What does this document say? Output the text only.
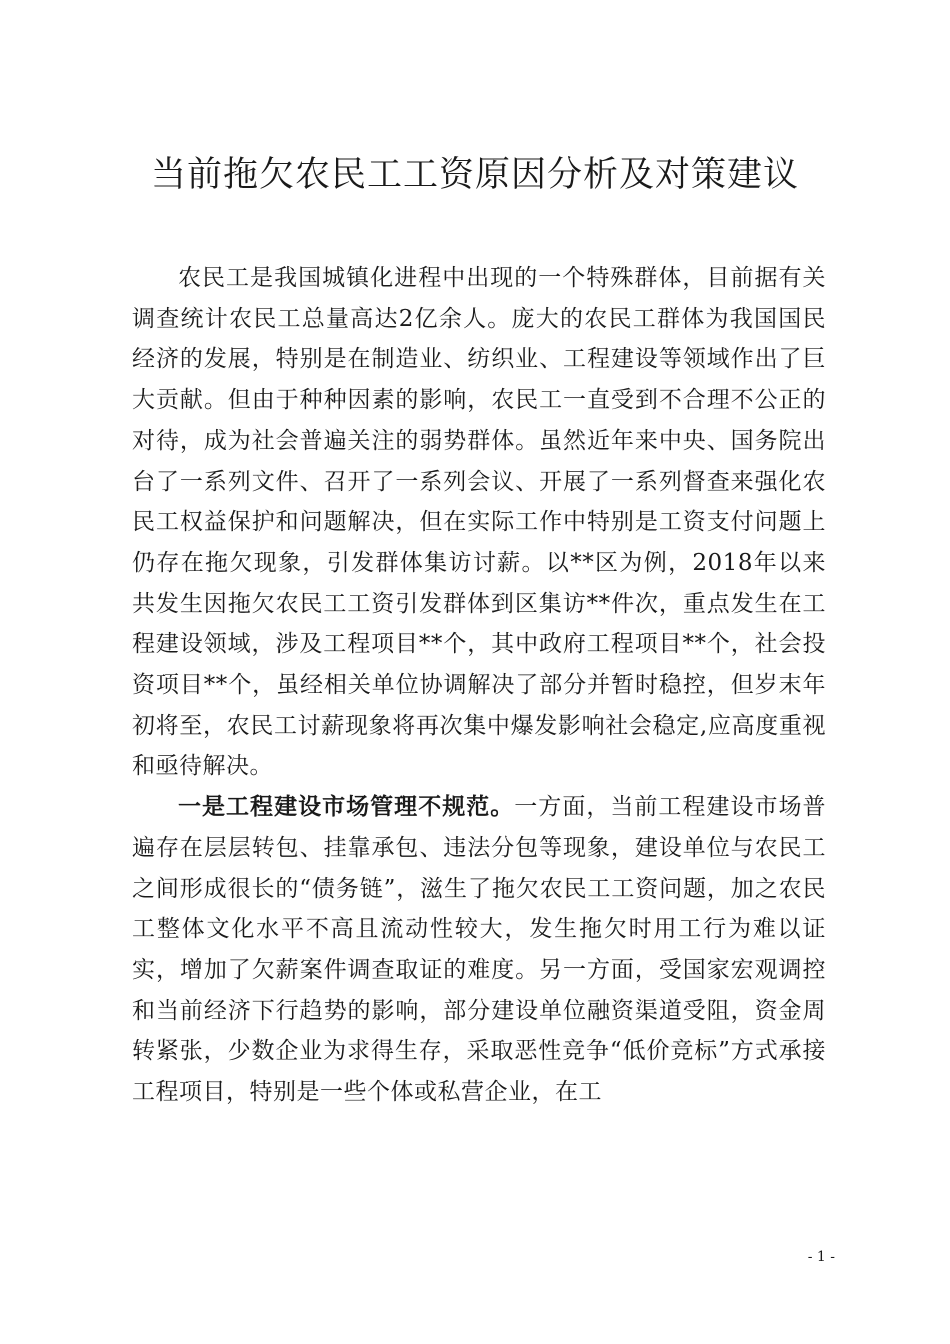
当前拖欠农民工工资原因分析及对策建议

农民工是我国城镇化进程中出现的一个特殊群体，目前据有关调查统计农民工总量高达2亿余人。庞大的农民工群体为我国国民经济的发展，特别是在制造业、纺织业、工程建设等领域作出了巨大贡献。但由于种种因素的影响，农民工一直受到不合理不公正的对待，成为社会普遍关注的弱势群体。虽然近年来中央、国务院出台了一系列文件、召开了一系列会议、开展了一系列督查来强化农民工权益保护和问题解决，但在实际工作中特别是工资支付问题上仍存在拖欠现象，引发群体集访讨薪。以**区为例，2018年以来共发生因拖欠农民工工资引发群体到区集访**件次，重点发生在工程建设领域，涉及工程项目**个，其中政府工程项目**个，社会投资项目**个，虽经相关单位协调解决了部分并暂时稳控，但岁末年初将至，农民工讨薪现象将再次集中爆发影响社会稳定,应高度重视和亟待解决。

一是工程建设市场管理不规范。一方面，当前工程建设市场普遍存在层层转包、挂靠承包、违法分包等现象，建设单位与农民工之间形成很长的“债务链”，滋生了拖欠农民工工资问题，加之农民工整体文化水平不高且流动性较大，发生拖欠时用工行为难以证实，增加了欠薪案件调查取证的难度。另一方面，受国家宏观调控和当前经济下行趋势的影响，部分建设单位融资渠道受阻，资金周转紧张，少数企业为求得生存，采取恶性竞争“低价竞标”方式承接工程项目，特别是一些个体或私营企业，在工

- 1 -
